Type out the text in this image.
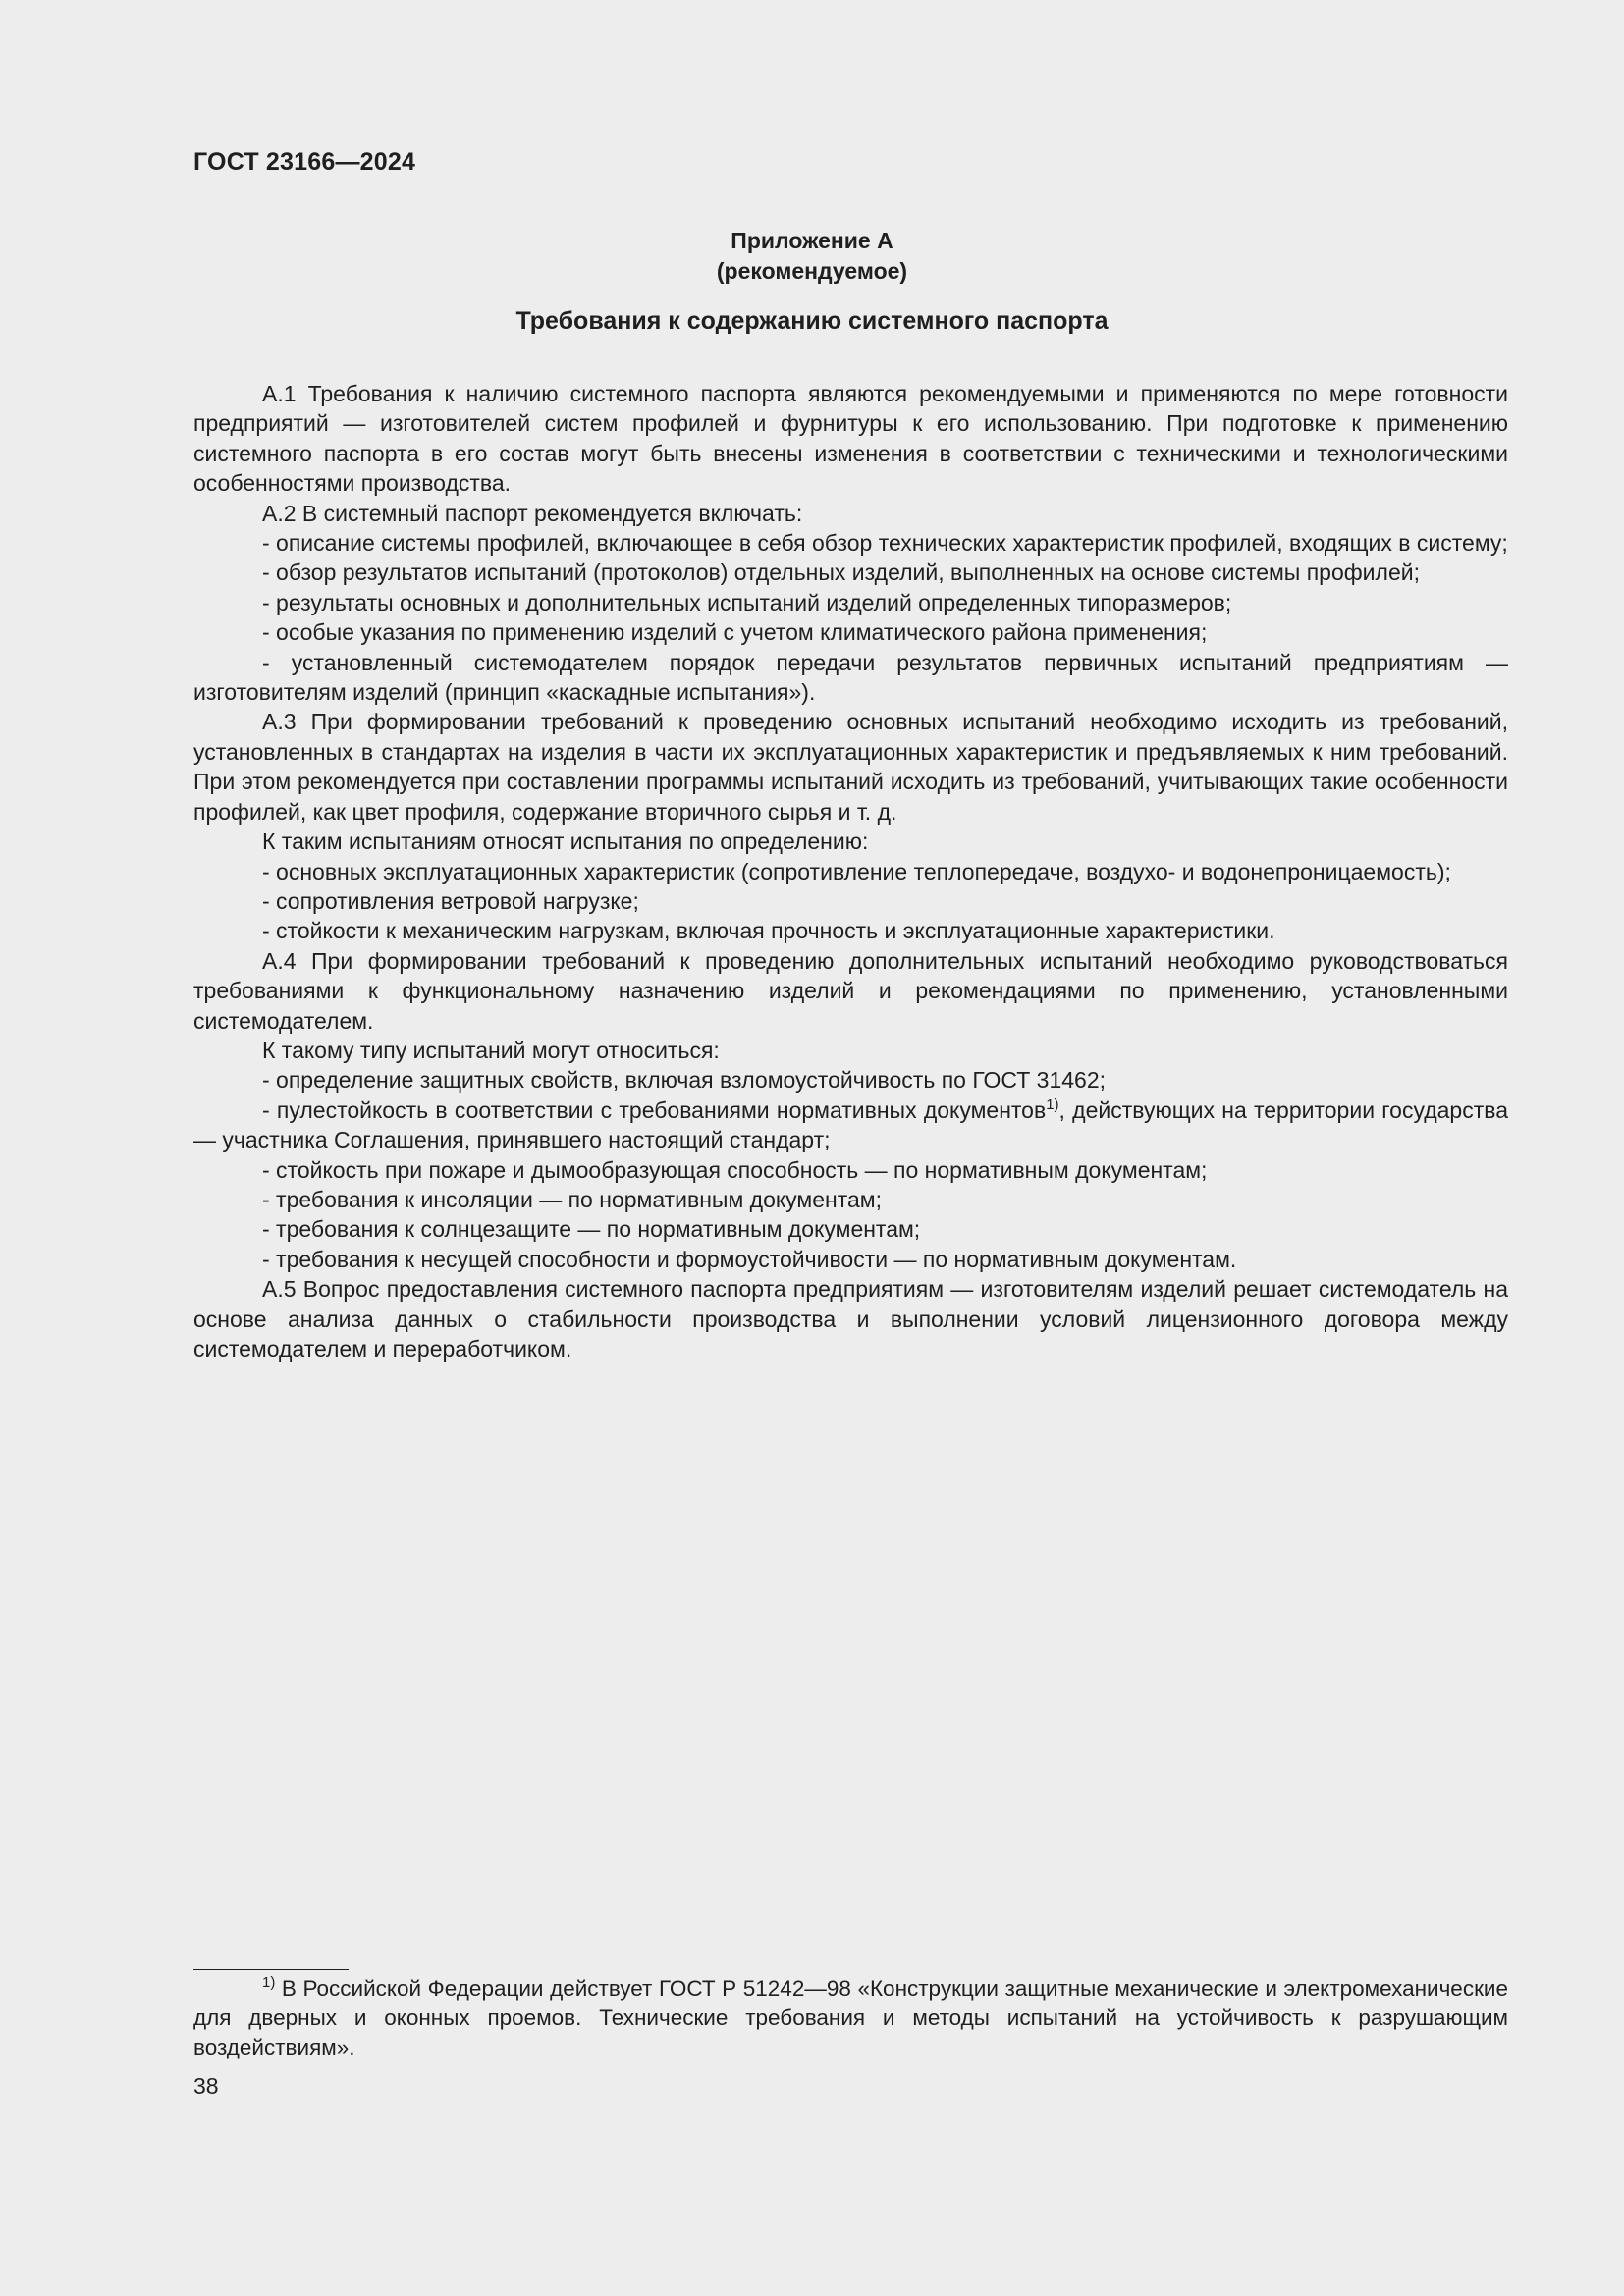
ГОСТ 23166—2024
Приложение А
(рекомендуемое)
Требования к содержанию системного паспорта

А.1 Требования к наличию системного паспорта являются рекомендуемыми и применяются по мере готовности предприятий — изготовителей систем профилей и фурнитуры к его использованию. При подготовке к применению системного паспорта в его состав могут быть внесены изменения в соответствии с техническими и технологическими особенностями производства.

А.2 В системный паспорт рекомендуется включать:

- описание системы профилей, включающее в себя обзор технических характеристик профилей, входящих в систему;

- обзор результатов испытаний (протоколов) отдельных изделий, выполненных на основе системы профилей;

- результаты основных и дополнительных испытаний изделий определенных типоразмеров;

- особые указания по применению изделий с учетом климатического района применения;

- установленный системодателем порядок передачи результатов первичных испытаний предприятиям — изготовителям изделий (принцип «каскадные испытания»).

А.3 При формировании требований к проведению основных испытаний необходимо исходить из требований, установленных в стандартах на изделия в части их эксплуатационных характеристик и предъявляемых к ним требований. При этом рекомендуется при составлении программы испытаний исходить из требований, учитывающих такие особенности профилей, как цвет профиля, содержание вторичного сырья и т. д.

К таким испытаниям относят испытания по определению:

- основных эксплуатационных характеристик (сопротивление теплопередаче, воздухо- и водонепроницаемость);

- сопротивления ветровой нагрузке;

- стойкости к механическим нагрузкам, включая прочность и эксплуатационные характеристики.

А.4 При формировании требований к проведению дополнительных испытаний необходимо руководствоваться требованиями к функциональному назначению изделий и рекомендациями по применению, установленными системодателем.

К такому типу испытаний могут относиться:

- определение защитных свойств, включая взломоустойчивость по ГОСТ 31462;

- пулестойкость в соответствии с требованиями нормативных документов$^{1)}$, действующих на территории государства — участника Соглашения, принявшего настоящий стандарт;

- стойкость при пожаре и дымообразующая способность — по нормативным документам;

- требования к инсоляции — по нормативным документам;

- требования к солнцезащите — по нормативным документам;

- требования к несущей способности и формоустойчивости — по нормативным документам.

А.5 Вопрос предоставления системного паспорта предприятиям — изготовителям изделий решает системодатель на основе анализа данных о стабильности производства и выполнении условий лицензионного договора между системодателем и переработчиком.

$^{1)}$ В Российской Федерации действует ГОСТ Р 51242—98 «Конструкции защитные механические и электромеханические для дверных и оконных проемов. Технические требования и методы испытаний на устойчивость к разрушающим воздействиям».

38
